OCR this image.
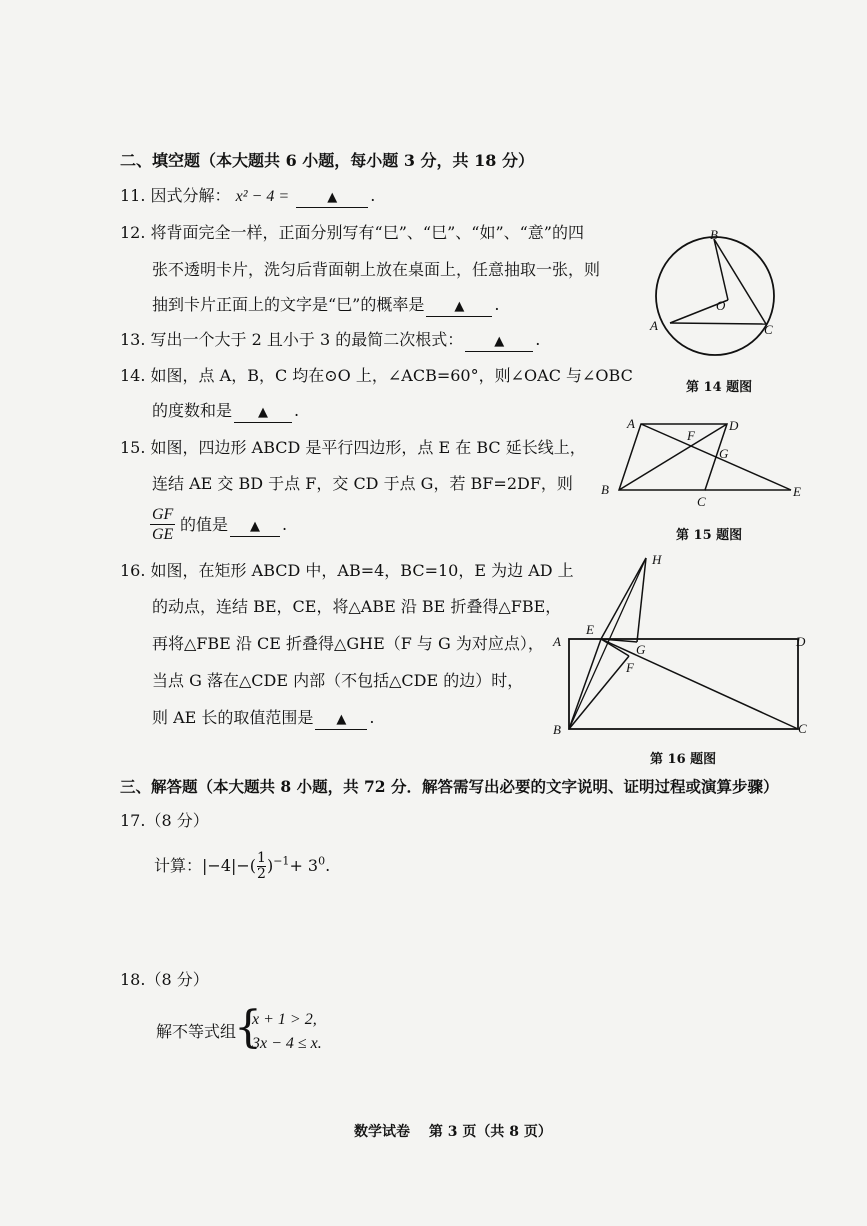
二、填空题（本大题共 6 小题，每小题 3 分，共 18 分）
11. 因式分解： x² − 4 =	▲ .
12. 将背面完全一样，正面分别写有“巳”、“巳”、“如”、“意”的四
张不透明卡片，洗匀后背面朝上放在桌面上，任意抽取一张，则
抽到卡片正面上的文字是“巳”的概率是 ▲ .
13. 写出一个大于 2 且小于 3 的最简二次根式： ▲ .
14. 如图，点 A，B，C 均在⊙O 上，∠ACB=60°，则∠OAC 与∠OBC
的度数和是 ▲ .
15. 如图，四边形 ABCD 是平行四边形，点 E 在 BC 延长线上，
连结 AE 交 BD 于点 F，交 CD 于点 G，若 BF=2DF，则
$\frac{GF}{GE}$ 的值是 ▲ .
16. 如图，在矩形 ABCD 中，AB=4，BC=10，E 为边 AD 上
的动点，连结 BE，CE，将△ABE 沿 BE 折叠得△FBE，
再将△FBE 沿 CE 折叠得△GHE（F 与 G 为对应点），
当点 G 落在△CDE 内部（不包括△CDE 的边）时，
则 AE 长的取值范围是 ▲ .
B
O
A	C
第 14 题图
A	D
F
G
B
C
E
第 15 题图
H
E
A
G
F
D
B	C
第 16 题图
三、解答题（本大题共 8 小题，共 72 分．解答需写出必要的文字说明、证明过程或演算步骤）
17.（8 分）
计算：$|-4|-( \frac{1}{2} )^{-1}+ 3^0$.
18.（8 分）
解不等式组
{
x + 1 > 2,
3x − 4 ≤ x.
数学试卷　 第 3 页（共 8 页）
